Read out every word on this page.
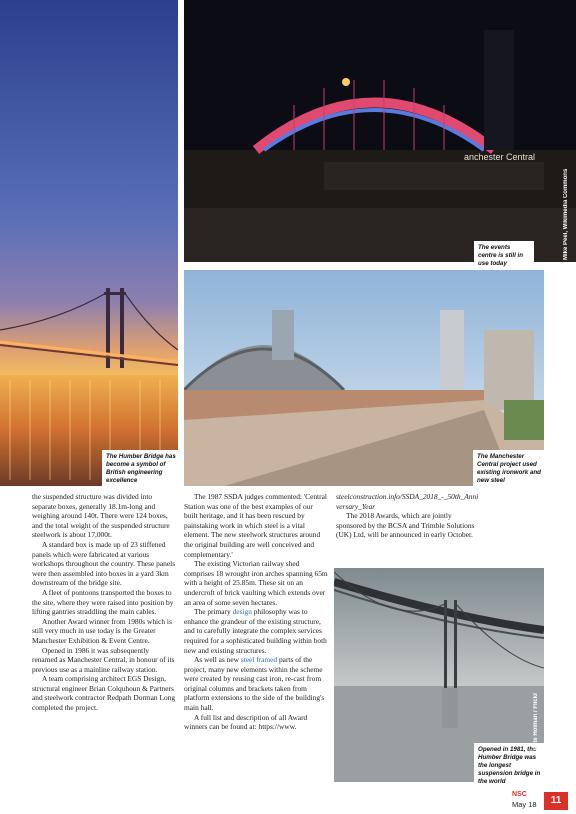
The Humber Bridge has become a symbol of British engineering excellence
anchester Central
The events centre is still in use today
Mike Peel, Wikimedia Commons
The Manchester Central project used existing ironwork and new steel

the suspended structure was divided into separate boxes, generally 18.1m-long and weighing around 140t. There were 124 boxes, and the total weight of the suspended structure steelwork is about 17,000t.

A standard box is made up of 23 stiffened panels which were fabricated at various workshops throughout the country. These panels were then assembled into boxes in a yard 3km downstream of the bridge site.

A fleet of pontoons transported the boxes to the site, where they were raised into position by lifting gantries straddling the main cables.

Another Award winner from 1980s which is still very much in use today is the Greater Manchester Exhibition & Event Centre.

Opened in 1986 it was subsequently renamed as Manchester Central, in honour of its previous use as a mainline railway station.

A team comprising architect EGS Design, structural engineer Brian Colquhoun & Partners and steelwork contractor Redpath Dorman Long completed the project.

The 1987 SSDA judges commented: 'Central Station was one of the best examples of our built heritage, and it has been rescued by painstaking work in which steel is a vital element. The new steelwork structures around the original building are well conceived and complementary.'

The existing Victorian railway shed comprises 18 wrought iron arches spanning 65m with a height of 25.85m. These sit on an undercroft of brick vaulting which extends over an area of some seven hectares.

The primary design philosophy was to enhance the grandeur of the existing structure, and to carefully integrate the complex services required for a sophisticated building within both new and existing structures.

As well as new steel framed parts of the project, many new elements within the scheme were created by reusing cast iron, re-cast from original columns and brackets taken from platform extensions to the side of the building's main hall.

A full list and description of all Award winners can be found at: https://www.

steelconstruction.info/SSDA_2018_-_50th_Anniversary_Year

The 2018 Awards, which are jointly sponsored by the BCSA and Trimble Solutions (UK) Ltd, will be announced in early October.

Opened in 1981, the Humber Bridge was the longest suspension bridge in the world
Pete Holman / Flickr
NSC
May 18	11
